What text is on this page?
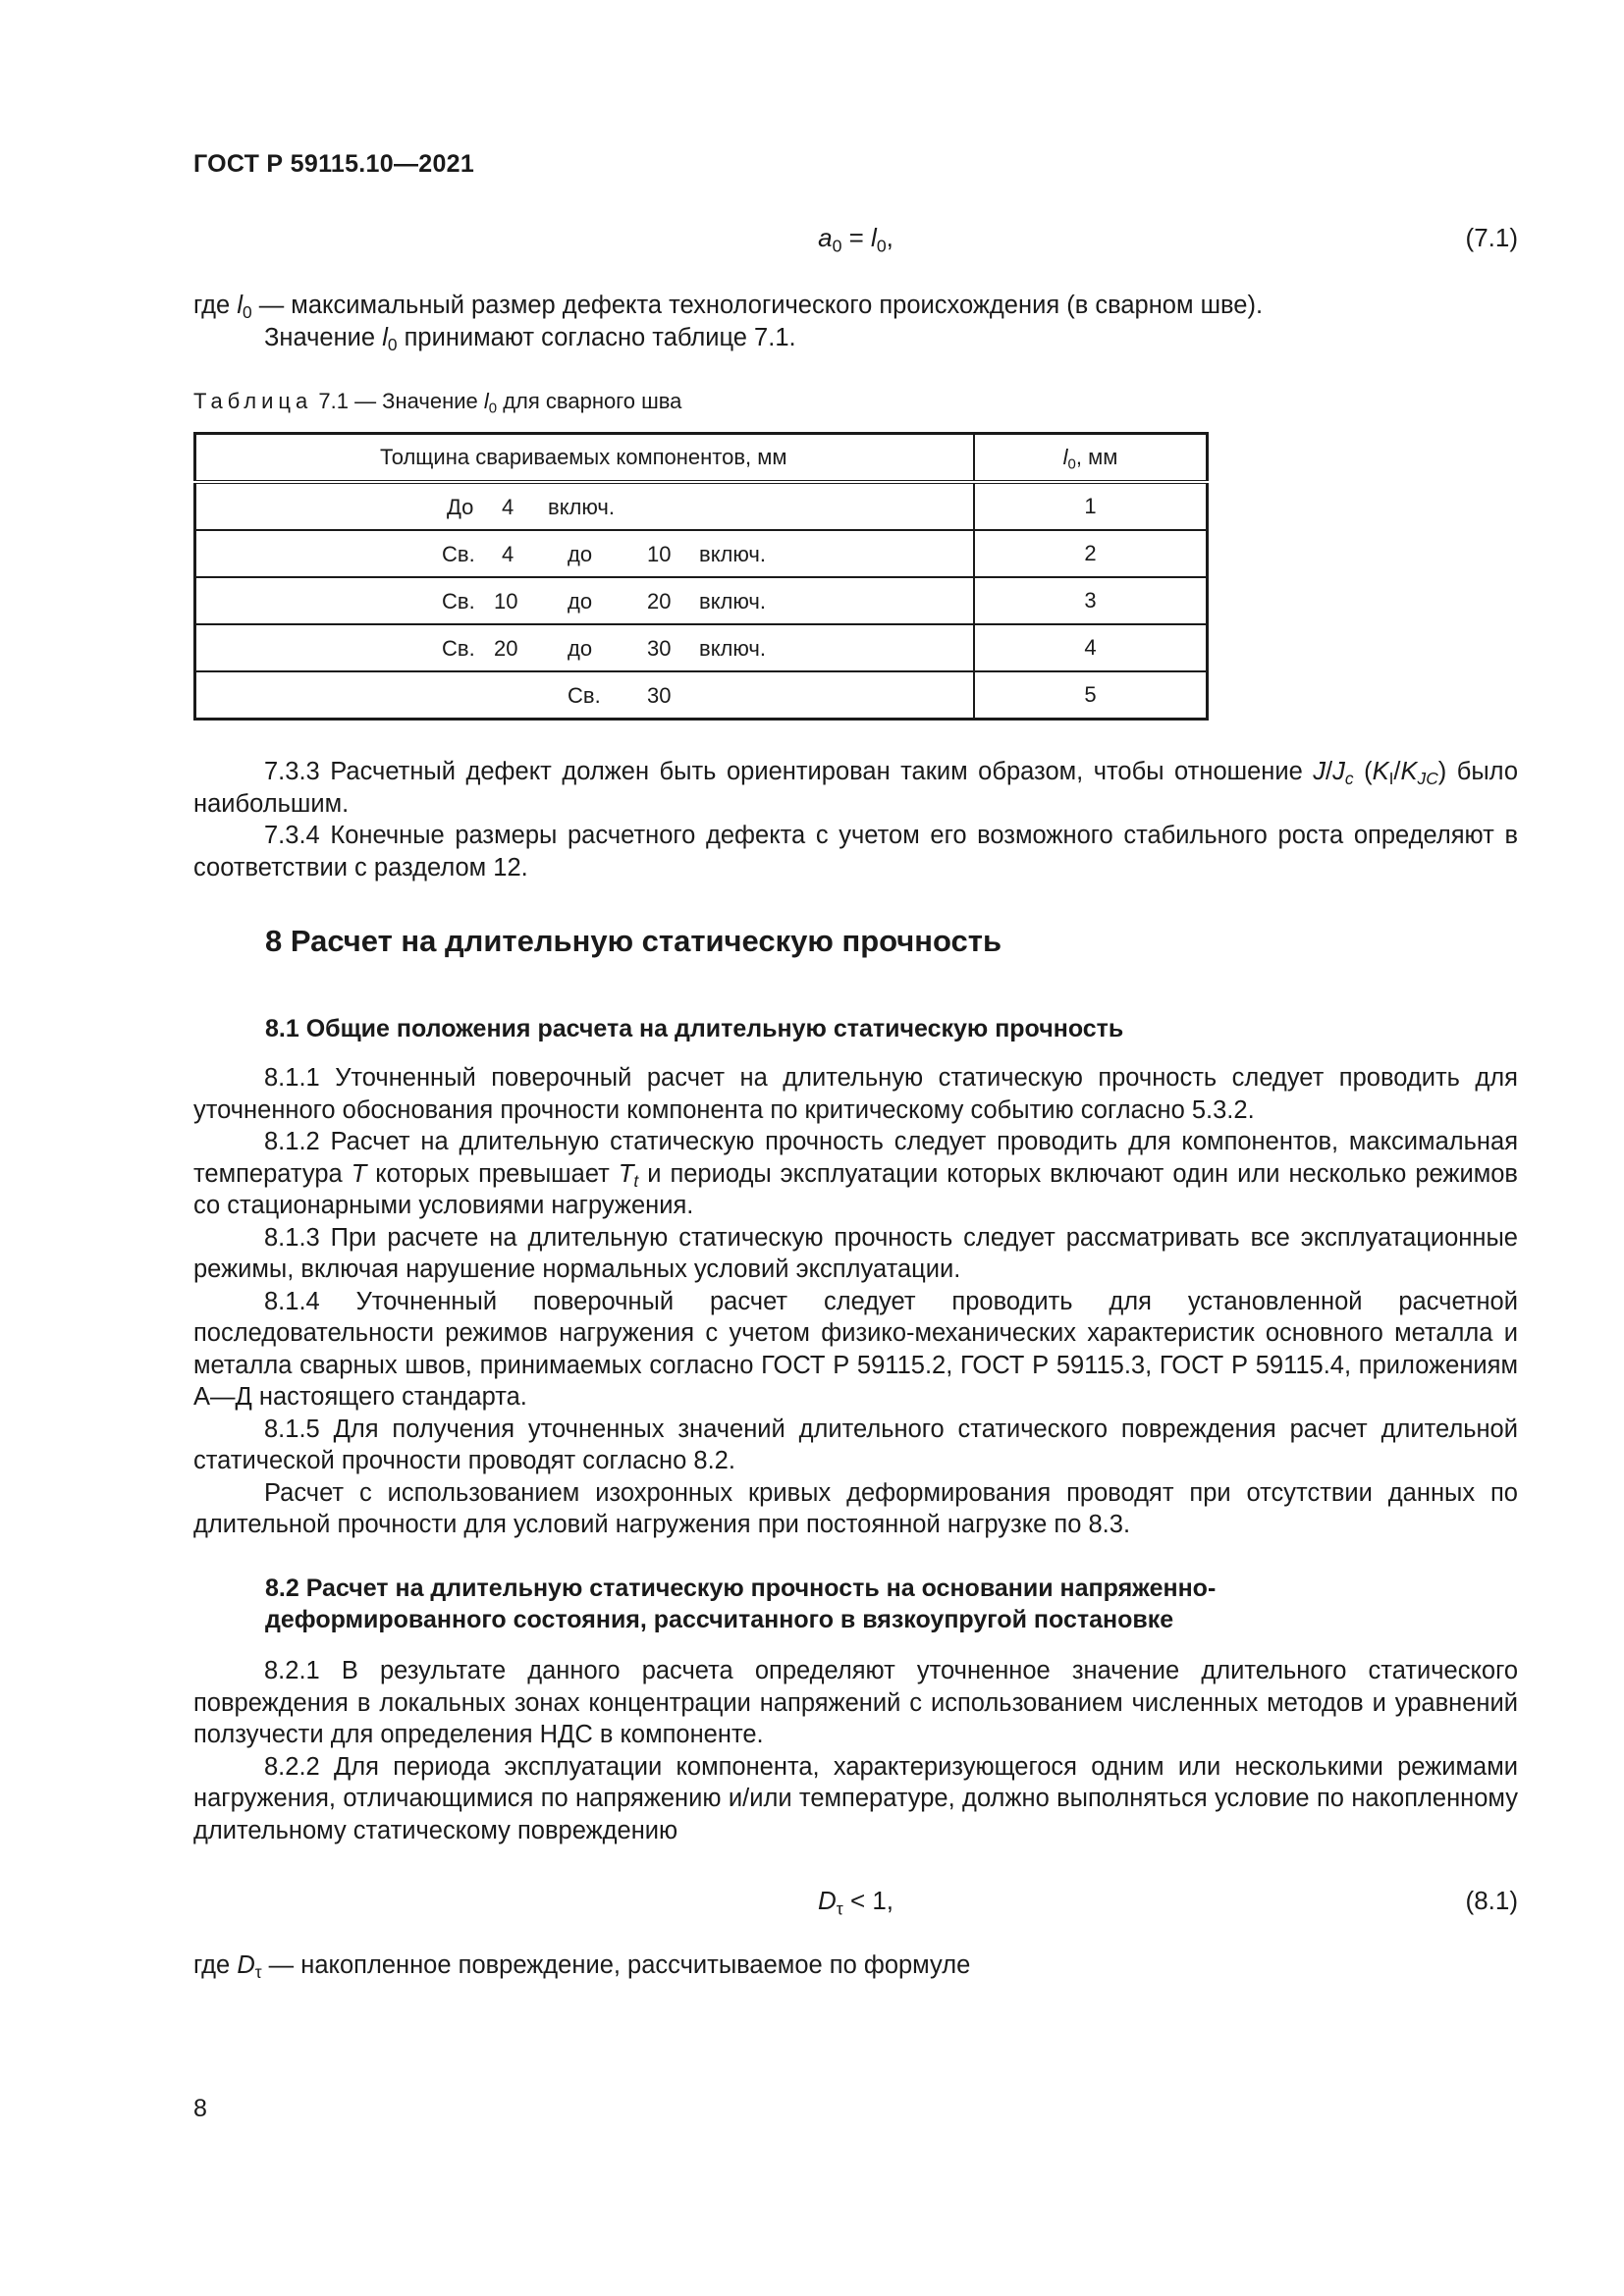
ГОСТ Р 59115.10—2021
$a_0 = l_0$,	(7.1)

где $l_0$ — максимальный размер дефекта технологического происхождения (в сварном шве).

Значение $l_0$ принимают согласно таблице 7.1.

Таблица 7.1 — Значение $l_0$ для сварного шва
Толщина свариваемых компонентов, мм	$l_0$, мм

До 4 включ.	1

Св. 4 до 10 включ.	2

Св. 10 до 20 включ.	3

Св. 20 до 30 включ.	4

Св. 30	5

7.3.3 Расчетный дефект должен быть ориентирован таким образом, чтобы отношение $J/J_c$ $(K_I/K_{JC})$ было наибольшим.

7.3.4 Конечные размеры расчетного дефекта с учетом его возможного стабильного роста определяют в соответствии с разделом 12.

8 Расчет на длительную статическую прочность
8.1 Общие положения расчета на длительную статическую прочность

8.1.1 Уточненный поверочный расчет на длительную статическую прочность следует проводить для уточненного обоснования прочности компонента по критическому событию согласно 5.3.2.

8.1.2 Расчет на длительную статическую прочность следует проводить для компонентов, максимальная температура T которых превышает $T_t$ и периоды эксплуатации которых включают один или несколько режимов со стационарными условиями нагружения.

8.1.3 При расчете на длительную статическую прочность следует рассматривать все эксплуатационные режимы, включая нарушение нормальных условий эксплуатации.

8.1.4 Уточненный поверочный расчет следует проводить для установленной расчетной последовательности режимов нагружения с учетом физико-механических характеристик основного металла и металла сварных швов, принимаемых согласно ГОСТ Р 59115.2, ГОСТ Р 59115.3, ГОСТ Р 59115.4, приложениям А—Д настоящего стандарта.

8.1.5 Для получения уточненных значений длительного статического повреждения расчет длительной статической прочности проводят согласно 8.2.

Расчет с использованием изохронных кривых деформирования проводят при отсутствии данных по длительной прочности для условий нагружения при постоянной нагрузке по 8.3.

8.2 Расчет на длительную статическую прочность на основании напряженно-
деформированного состояния, рассчитанного в вязкоупругой постановке

8.2.1 В результате данного расчета определяют уточненное значение длительного статического повреждения в локальных зонах концентрации напряжений с использованием численных методов и уравнений ползучести для определения НДС в компоненте.

8.2.2 Для периода эксплуатации компонента, характеризующегося одним или несколькими режимами нагружения, отличающимися по напряжению и/или температуре, должно выполняться условие по накопленному длительному статическому повреждению

$D_\tau < 1$,	(8.1)

где $D_\tau$ — накопленное повреждение, рассчитываемое по формуле

8
